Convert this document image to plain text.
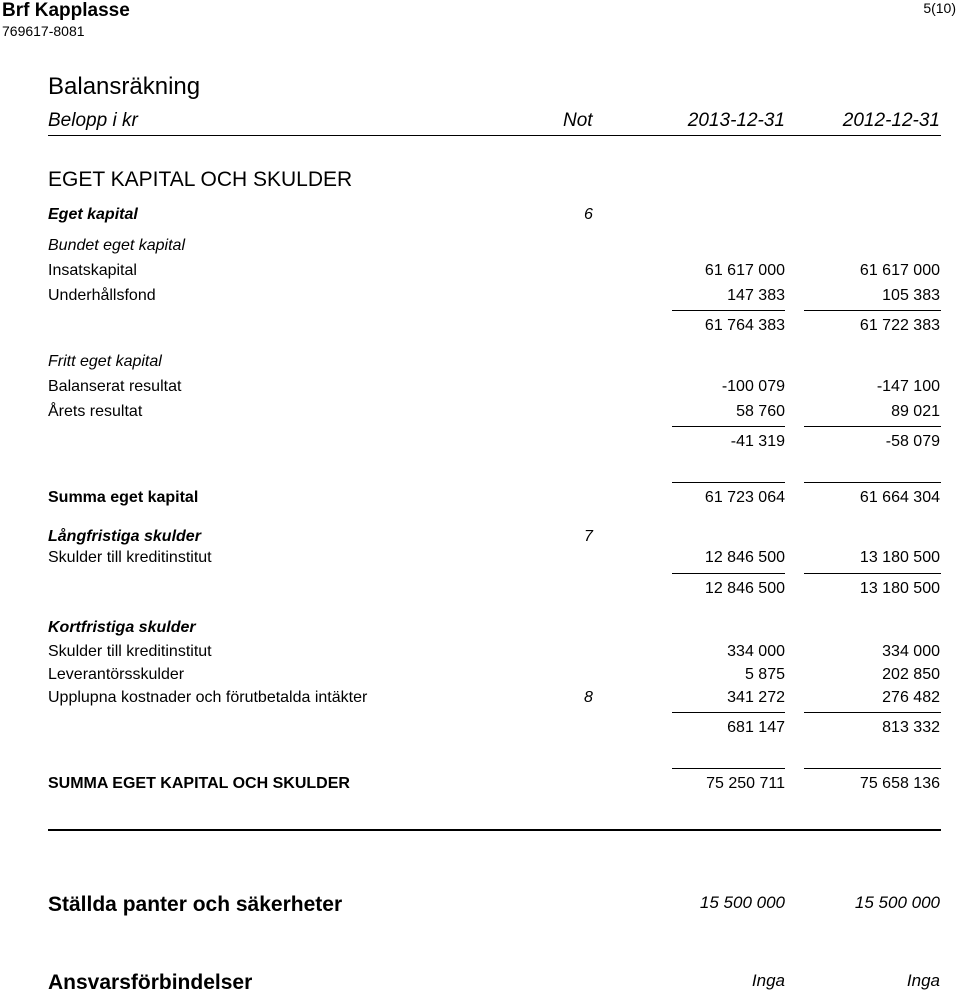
Brf Kapplasse
769617-8081
5(10)
Balansräkning
Belopp i kr	Not	2013-12-31	2012-12-31
EGET KAPITAL OCH SKULDER
Eget kapital	6
Bundet eget kapital
Insatskapital	61 617 000	61 617 000
Underhållsfond	147 383	105 383
61 764 383	61 722 383
Fritt eget kapital
Balanserat resultat	-100 079	-147 100
Årets resultat	58 760	89 021
-41 319	-58 079
Summa eget kapital	61 723 064	61 664 304
Långfristiga skulder	7
Skulder till kreditinstitut	12 846 500	13 180 500
12 846 500	13 180 500
Kortfristiga skulder
Skulder till kreditinstitut	334 000	334 000
Leverantörsskulder	5 875	202 850
Upplupna kostnader och förutbetalda intäkter	8	341 272	276 482
681 147	813 332
SUMMA EGET KAPITAL OCH SKULDER	75 250 711	75 658 136
Ställda panter och säkerheter	15 500 000	15 500 000
Ansvarsförbindelser	Inga	Inga
